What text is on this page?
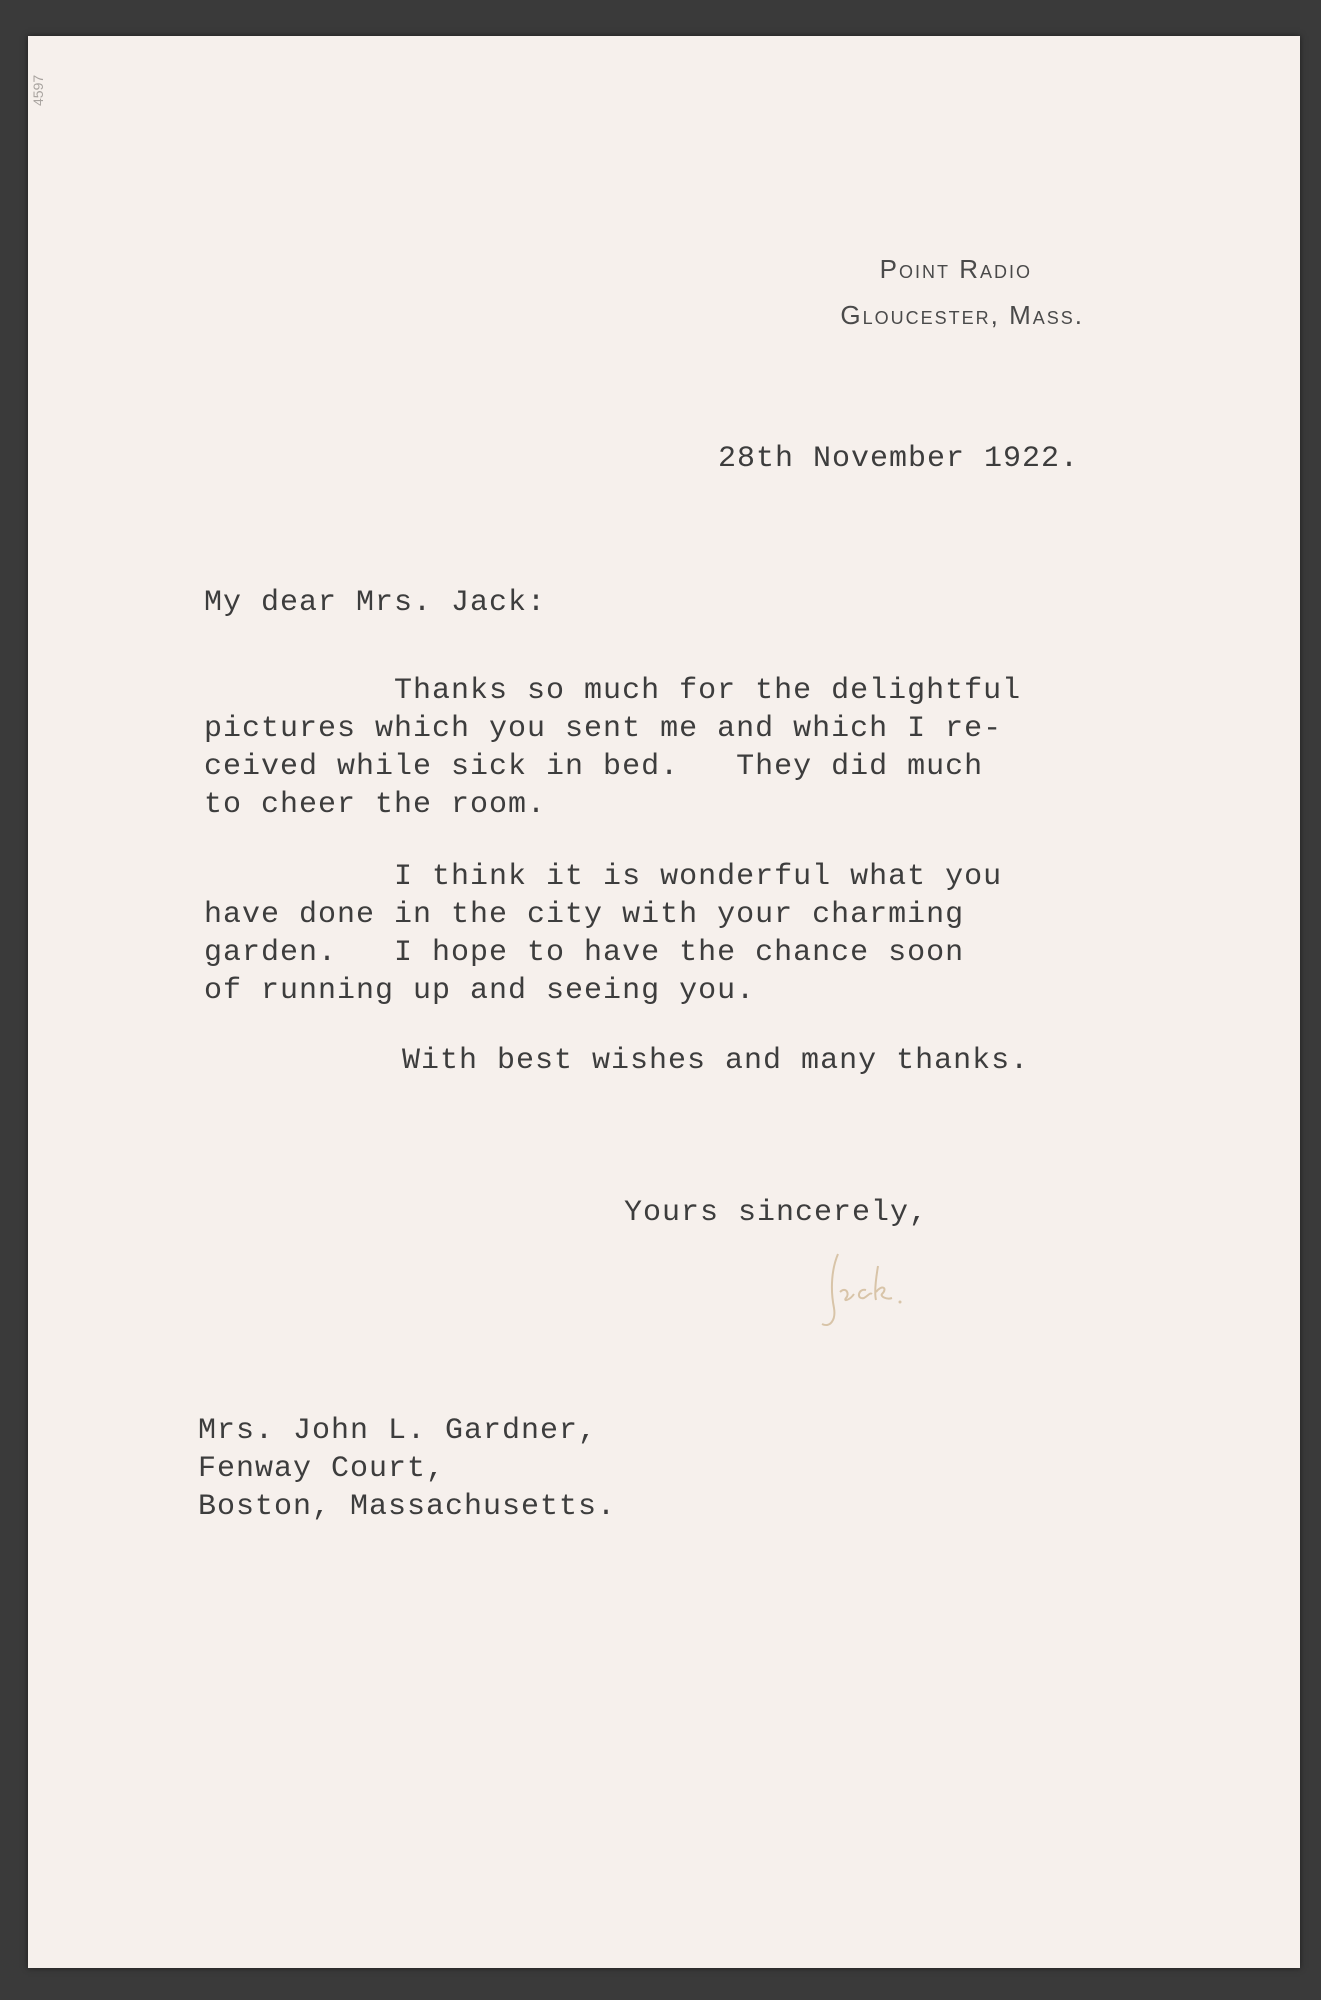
4597
Point Radio
Gloucester, Mass.
28th November 1922.
My dear Mrs. Jack:
Thanks so much for the delightful
pictures which you sent me and which I re-
ceived while sick in bed.   They did much
to cheer the room.
I think it is wonderful what you
have done in the city with your charming
garden.   I hope to have the chance soon
of running up and seeing you.
With best wishes and many thanks.
Yours sincerely,
Mrs. John L. Gardner,
Fenway Court,
Boston, Massachusetts.
